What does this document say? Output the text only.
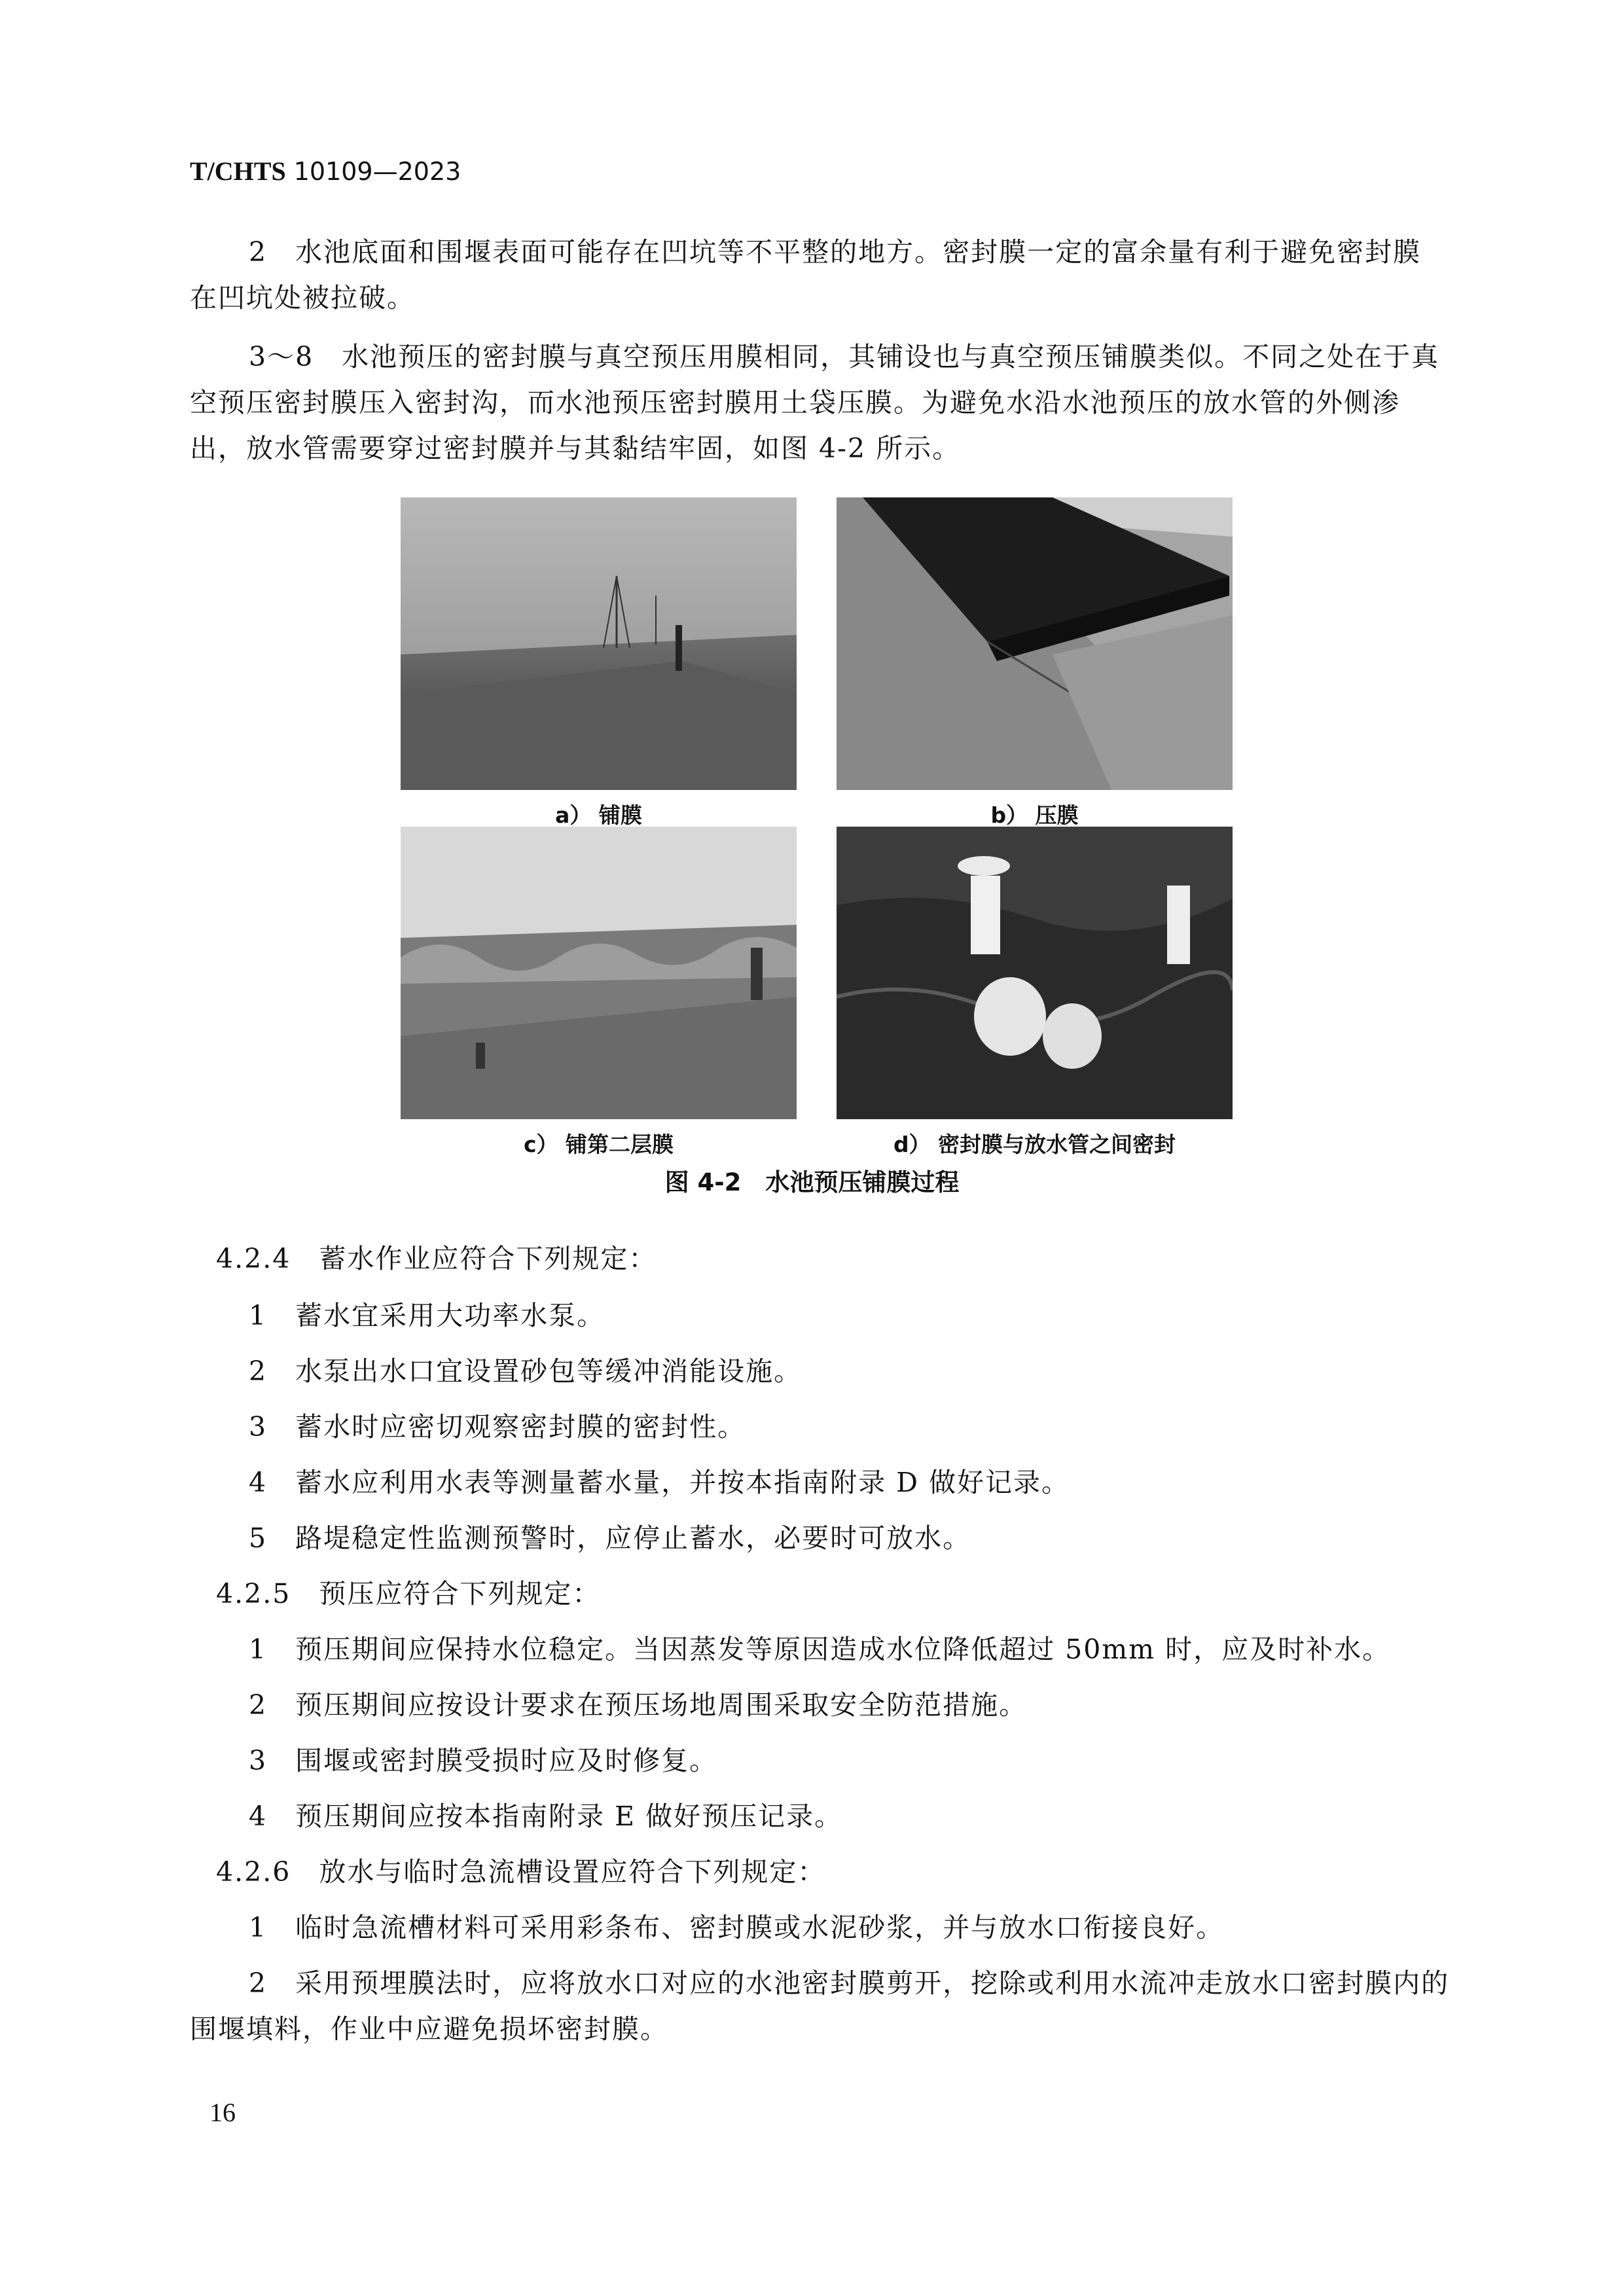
T/CHTS 10109—2023
2　水池底面和围堰表面可能存在凹坑等不平整的地方。密封膜一定的富余量有利于避免密封膜
在凹坑处被拉破。
3～8　水池预压的密封膜与真空预压用膜相同，其铺设也与真空预压铺膜类似。不同之处在于真
空预压密封膜压入密封沟，而水池预压密封膜用土袋压膜。为避免水沿水池预压的放水管的外侧渗
出，放水管需要穿过密封膜并与其黏结牢固，如图 4-2 所示。
a） 铺膜	b） 压膜
c） 铺第二层膜	d） 密封膜与放水管之间密封
图 4-2　水池预压铺膜过程
4.2.4　蓄水作业应符合下列规定：
1　蓄水宜采用大功率水泵。
2　水泵出水口宜设置砂包等缓冲消能设施。
3　蓄水时应密切观察密封膜的密封性。
4　蓄水应利用水表等测量蓄水量，并按本指南附录 D 做好记录。
5　路堤稳定性监测预警时，应停止蓄水，必要时可放水。
4.2.5　预压应符合下列规定：
1　预压期间应保持水位稳定。当因蒸发等原因造成水位降低超过 50mm 时，应及时补水。
2　预压期间应按设计要求在预压场地周围采取安全防范措施。
3　围堰或密封膜受损时应及时修复。
4　预压期间应按本指南附录 E 做好预压记录。
4.2.6　放水与临时急流槽设置应符合下列规定：
1　临时急流槽材料可采用彩条布、密封膜或水泥砂浆，并与放水口衔接良好。
2　采用预埋膜法时，应将放水口对应的水池密封膜剪开，挖除或利用水流冲走放水口密封膜内的
围堰填料，作业中应避免损坏密封膜。
16
